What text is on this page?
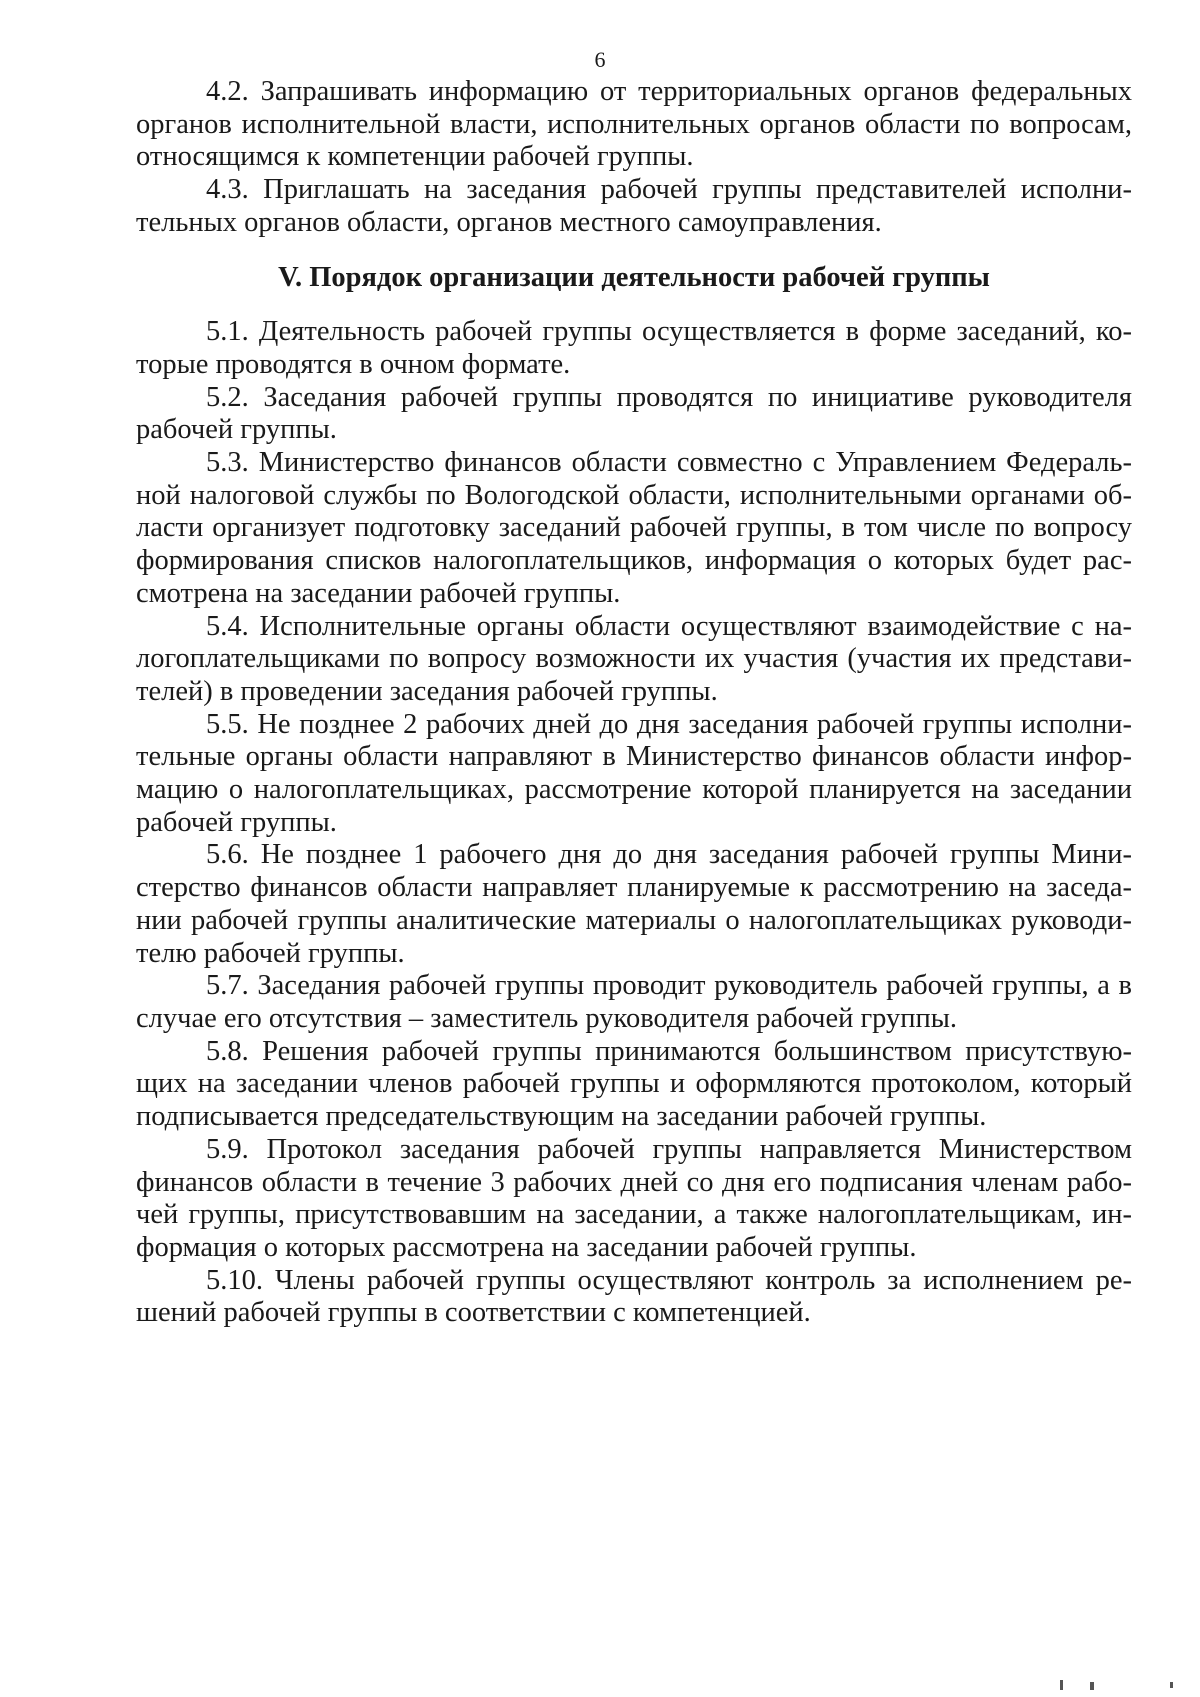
6

4.2. Запрашивать информацию от территориальных органов федеральных органов исполнительной власти, исполнительных органов области по вопросам, относящимся к компетенции рабочей группы.

4.3. Приглашать на заседания рабочей группы представителей исполнительных органов области, органов местного самоуправления.

V. Порядок организации деятельности рабочей группы

5.1. Деятельность рабочей группы осуществляется в форме заседаний, которые проводятся в очном формате.

5.2. Заседания рабочей группы проводятся по инициативе руководителя рабочей группы.

5.3. Министерство финансов области совместно с Управлением Федеральной налоговой службы по Вологодской области, исполнительными органами области организует подготовку заседаний рабочей группы, в том числе по вопросу формирования списков налогоплательщиков, информация о которых будет рассмотрена на заседании рабочей группы.

5.4. Исполнительные органы области осуществляют взаимодействие с налогоплательщиками по вопросу возможности их участия (участия их представителей) в проведении заседания рабочей группы.

5.5. Не позднее 2 рабочих дней до дня заседания рабочей группы исполнительные органы области направляют в Министерство финансов области информацию о налогоплательщиках, рассмотрение которой планируется на заседании рабочей группы.

5.6. Не позднее 1 рабочего дня до дня заседания рабочей группы Министерство финансов области направляет планируемые к рассмотрению на заседании рабочей группы аналитические материалы о налогоплательщиках руководителю рабочей группы.

5.7. Заседания рабочей группы проводит руководитель рабочей группы, а в случае его отсутствия – заместитель руководителя рабочей группы.

5.8. Решения рабочей группы принимаются большинством присутствующих на заседании членов рабочей группы и оформляются протоколом, который подписывается председательствующим на заседании рабочей группы.

5.9. Протокол заседания рабочей группы направляется Министерством финансов области в течение 3 рабочих дней со дня его подписания членам рабочей группы, присутствовавшим на заседании, а также налогоплательщикам, информация о которых рассмотрена на заседании рабочей группы.

5.10. Члены рабочей группы осуществляют контроль за исполнением решений рабочей группы в соответствии с компетенцией.
